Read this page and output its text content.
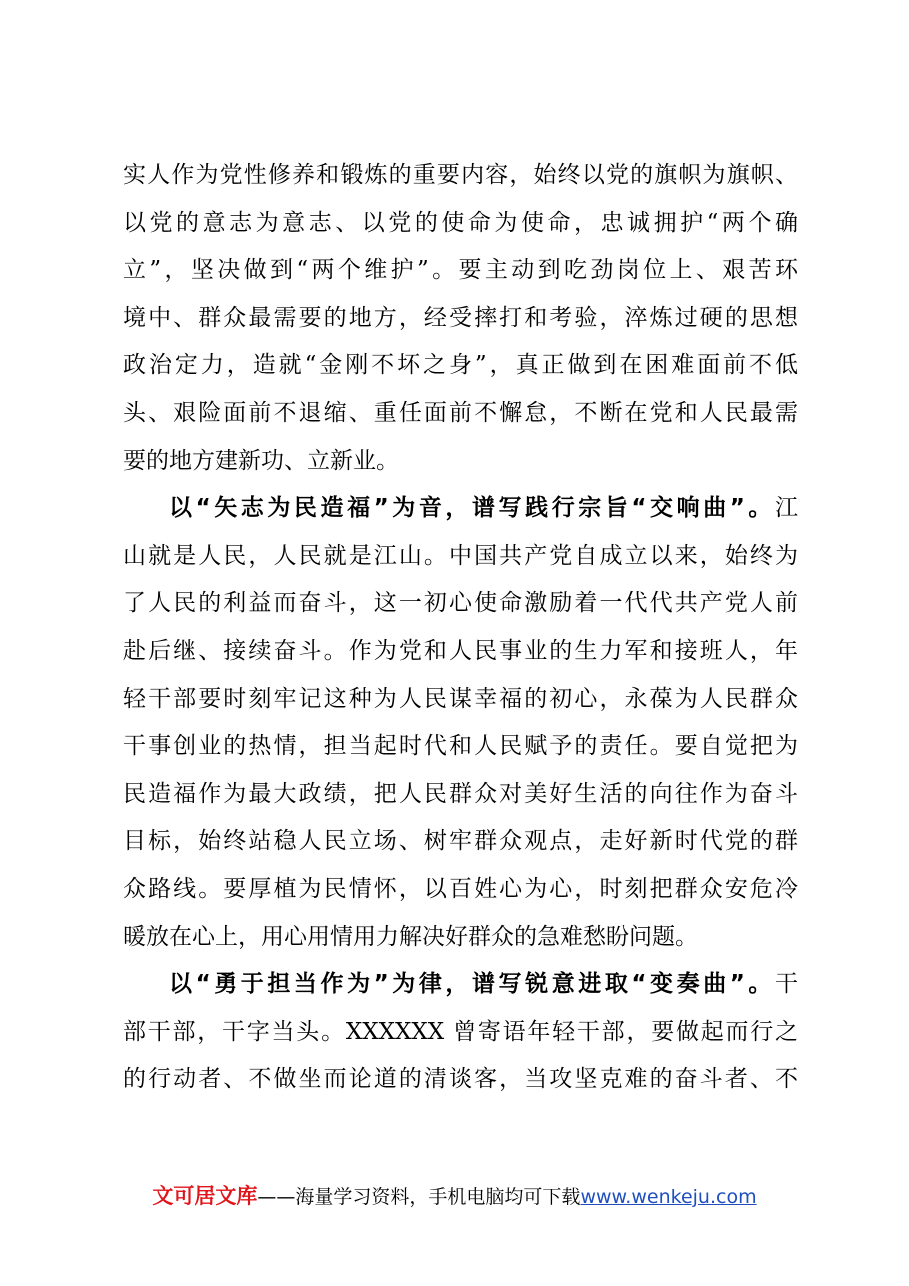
实人作为党性修养和锻炼的重要内容，始终以党的旗帜为旗帜、
以党的意志为意志、以党的使命为使命，忠诚拥护“两个确
立”，坚决做到“两个维护”。要主动到吃劲岗位上、艰苦环
境中、群众最需要的地方，经受摔打和考验，淬炼过硬的思想
政治定力，造就“金刚不坏之身”，真正做到在困难面前不低
头、艰险面前不退缩、重任面前不懈怠，不断在党和人民最需
要的地方建新功、立新业。
以“矢志为民造福”为音，谱写践行宗旨“交响曲”。江
山就是人民，人民就是江山。中国共产党自成立以来，始终为
了人民的利益而奋斗，这一初心使命激励着一代代共产党人前
赴后继、接续奋斗。作为党和人民事业的生力军和接班人，年
轻干部要时刻牢记这种为人民谋幸福的初心，永葆为人民群众
干事创业的热情，担当起时代和人民赋予的责任。要自觉把为
民造福作为最大政绩，把人民群众对美好生活的向往作为奋斗
目标，始终站稳人民立场、树牢群众观点，走好新时代党的群
众路线。要厚植为民情怀，以百姓心为心，时刻把群众安危冷
暖放在心上，用心用情用力解决好群众的急难愁盼问题。
以“勇于担当作为”为律，谱写锐意进取“变奏曲”。干
部干部，干字当头。XXXXXX 曾寄语年轻干部，要做起而行之
的行动者、不做坐而论道的清谈客，当攻坚克难的奋斗者、不
文可居文库——海量学习资料，手机电脑均可下载www.wenkeju.com
